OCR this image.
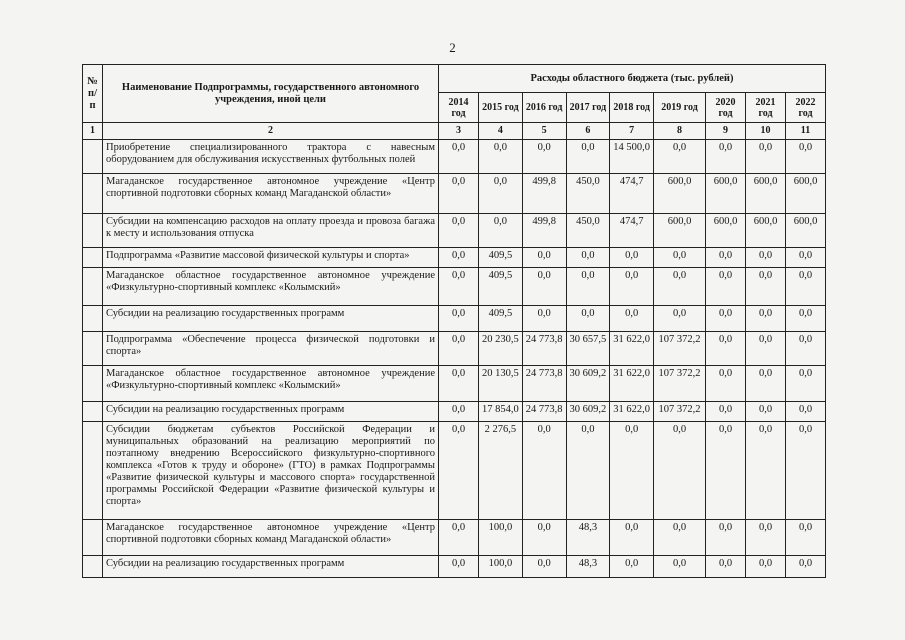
2
№ п/п	Наименование Подпрограммы, государственного автономного учреждения, иной цели	Расходы областного бюджета (тыс. рублей)								
		2014 год	2015 год	2016 год	2017 год	2018 год	2019 год	2020 год	2021 год	2022 год
1	2	3	4	5	6	7	8	9	10	11
	Приобретение специализированного трактора с навесным оборудованием для обслуживания искусственных футбольных полей	0,0	0,0	0,0	0,0	14 500,0	0,0	0,0	0,0	0,0
	Магаданское государственное автономное учреждение «Центр спортивной подготовки сборных команд Магаданской области»	0,0	0,0	499,8	450,0	474,7	600,0	600,0	600,0	600,0
	Субсидии на компенсацию расходов на оплату проезда и провоза багажа к месту и использования отпуска	0,0	0,0	499,8	450,0	474,7	600,0	600,0	600,0	600,0
	Подпрограмма «Развитие массовой физической культуры и спорта»	0,0	409,5	0,0	0,0	0,0	0,0	0,0	0,0	0,0
	Магаданское областное государственное автономное учреждение «Физкультурно-спортивный комплекс «Колымский»	0,0	409,5	0,0	0,0	0,0	0,0	0,0	0,0	0,0
	Субсидии на реализацию государственных программ	0,0	409,5	0,0	0,0	0,0	0,0	0,0	0,0	0,0
	Подпрограмма «Обеспечение процесса физической подготовки и спорта»	0,0	20 230,5	24 773,8	30 657,5	31 622,0	107 372,2	0,0	0,0	0,0
	Магаданское областное государственное автономное учреждение «Физкультурно-спортивный комплекс «Колымский»	0,0	20 130,5	24 773,8	30 609,2	31 622,0	107 372,2	0,0	0,0	0,0
	Субсидии на реализацию государственных программ	0,0	17 854,0	24 773,8	30 609,2	31 622,0	107 372,2	0,0	0,0	0,0
	Субсидии бюджетам субъектов Российской Федерации и муниципальных образований на реализацию мероприятий по поэтапному внедрению Всероссийского физкультурно-спортивного комплекса «Готов к труду и обороне» (ГТО) в рамках Подпрограммы «Развитие физической культуры и массового спорта» государственной программы Российской Федерации «Развитие физической культуры и спорта»	0,0	2 276,5	0,0	0,0	0,0	0,0	0,0	0,0	0,0
	Магаданское государственное автономное учреждение «Центр спортивной подготовки сборных команд Магаданской области»	0,0	100,0	0,0	48,3	0,0	0,0	0,0	0,0	0,0
	Субсидии на реализацию государственных программ	0,0	100,0	0,0	48,3	0,0	0,0	0,0	0,0	0,0
